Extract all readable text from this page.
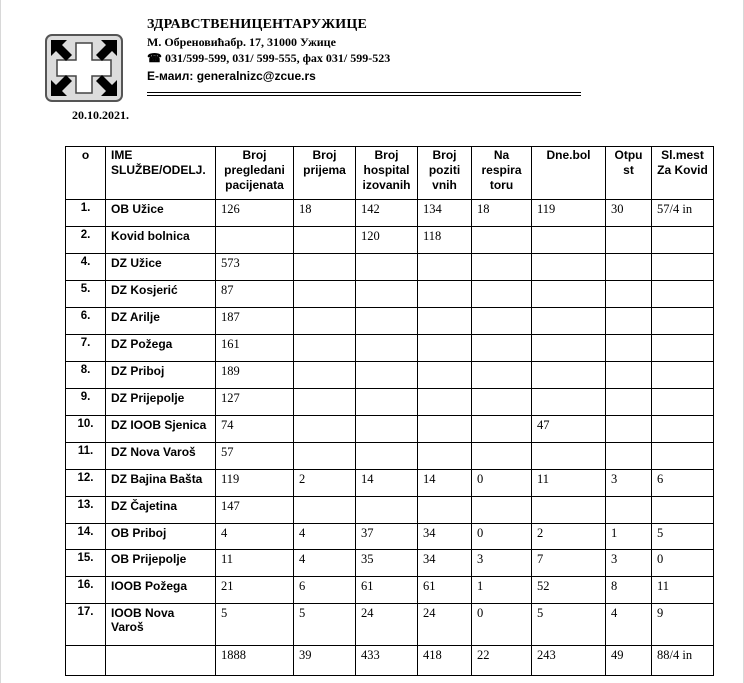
ЗДРАВСТВЕНИЦЕНТАРУЖИЦЕ
М. Обреновићабр. 17, 31000 Ужице
☎ 031/599-599, 031/ 599-555, фах 031/ 599-523
Е-маил: generalnizc@zcue.rs
20.10.2021.
o	IME SLUŽBE/ODELJ.	Broj pregledani pacijenata	Broj prijema	Broj hospital izovanih	Broj poziti vnih	Na respira toru	Dne.bol	Otpu st	Sl.mest Za Kovid
1.	OB Užice	126	18	142	134	18	119	30	57/4 in
2.	Kovid bolnica			120	118				
4.	DZ Užice	573							
5.	DZ Kosjerić	87							
6.	DZ Arilje	187							
7.	DZ Požega	161							
8.	DZ Priboj	189							
9.	DZ Prijepolje	127							
10.	DZ IOOB Sjenica	74					47		
11.	DZ Nova Varoš	57							
12.	DZ Bajina Bašta	119	2	14	14	0	11	3	6
13.	DZ Čajetina	147							
14.	OB Priboj	4	4	37	34	0	2	1	5
15.	OB Prijepolje	11	4	35	34	3	7	3	0
16.	IOOB Požega	21	6	61	61	1	52	8	11
17.	IOOB Nova Varoš	5	5	24	24	0	5	4	9
		1888	39	433	418	22	243	49	88/4 in
